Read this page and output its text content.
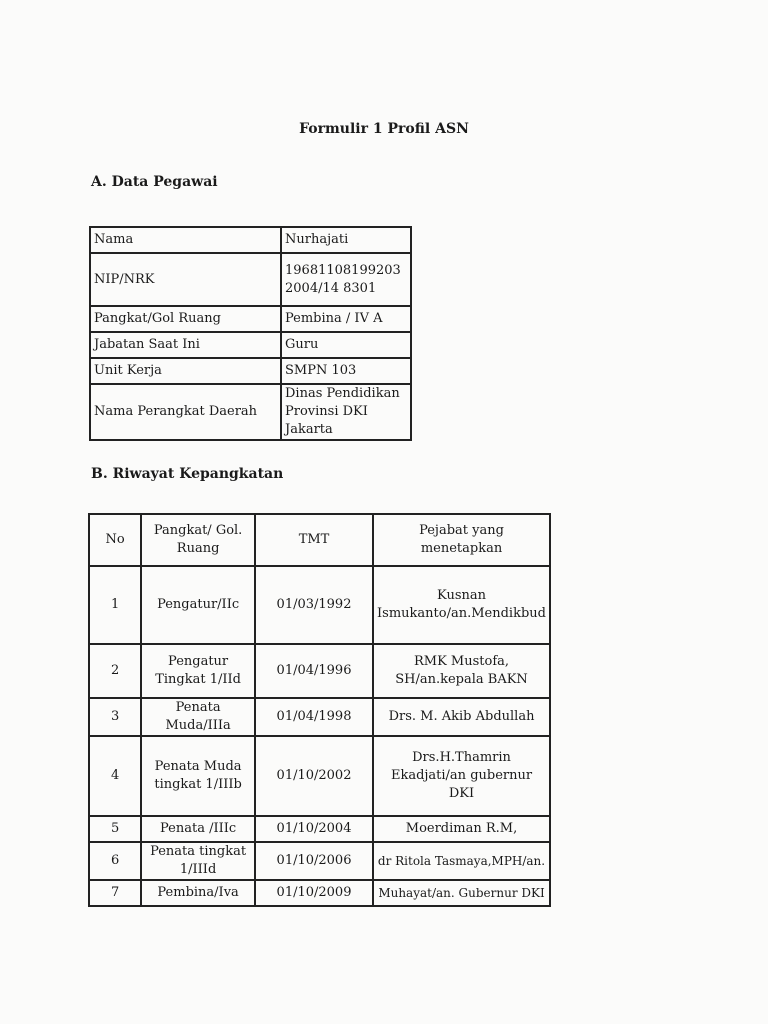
Formulir 1 Profil ASN
A. Data Pegawai
Nama	Nurhajati
NIP/NRK	196811081992032004/14 8301
Pangkat/Gol Ruang	Pembina / IV A
Jabatan Saat Ini	Guru
Unit Kerja	SMPN 103
Nama Perangkat Daerah	Dinas Pendidikan Provinsi DKI Jakarta
B. Riwayat Kepangkatan
No	Pangkat/ Gol. Ruang	TMT	Pejabat yang menetapkan
1	Pengatur/IIc	01/03/1992	Kusnan Ismukanto/an.Mendikbud
2	Pengatur Tingkat 1/IId	01/04/1996	RMK Mustofa, SH/an.kepala BAKN
3	Penata Muda/IIIa	01/04/1998	Drs. M. Akib Abdullah
4	Penata Muda tingkat 1/IIIb	01/10/2002	Drs.H.Thamrin Ekadjati/an gubernur DKI
5	Penata /IIIc	01/10/2004	Moerdiman R.M,
6	Penata tingkat 1/IIId	01/10/2006	dr Ritola Tasmaya,MPH/an.
7	Pembina/Iva	01/10/2009	Muhayat/an. Gubernur DKI
